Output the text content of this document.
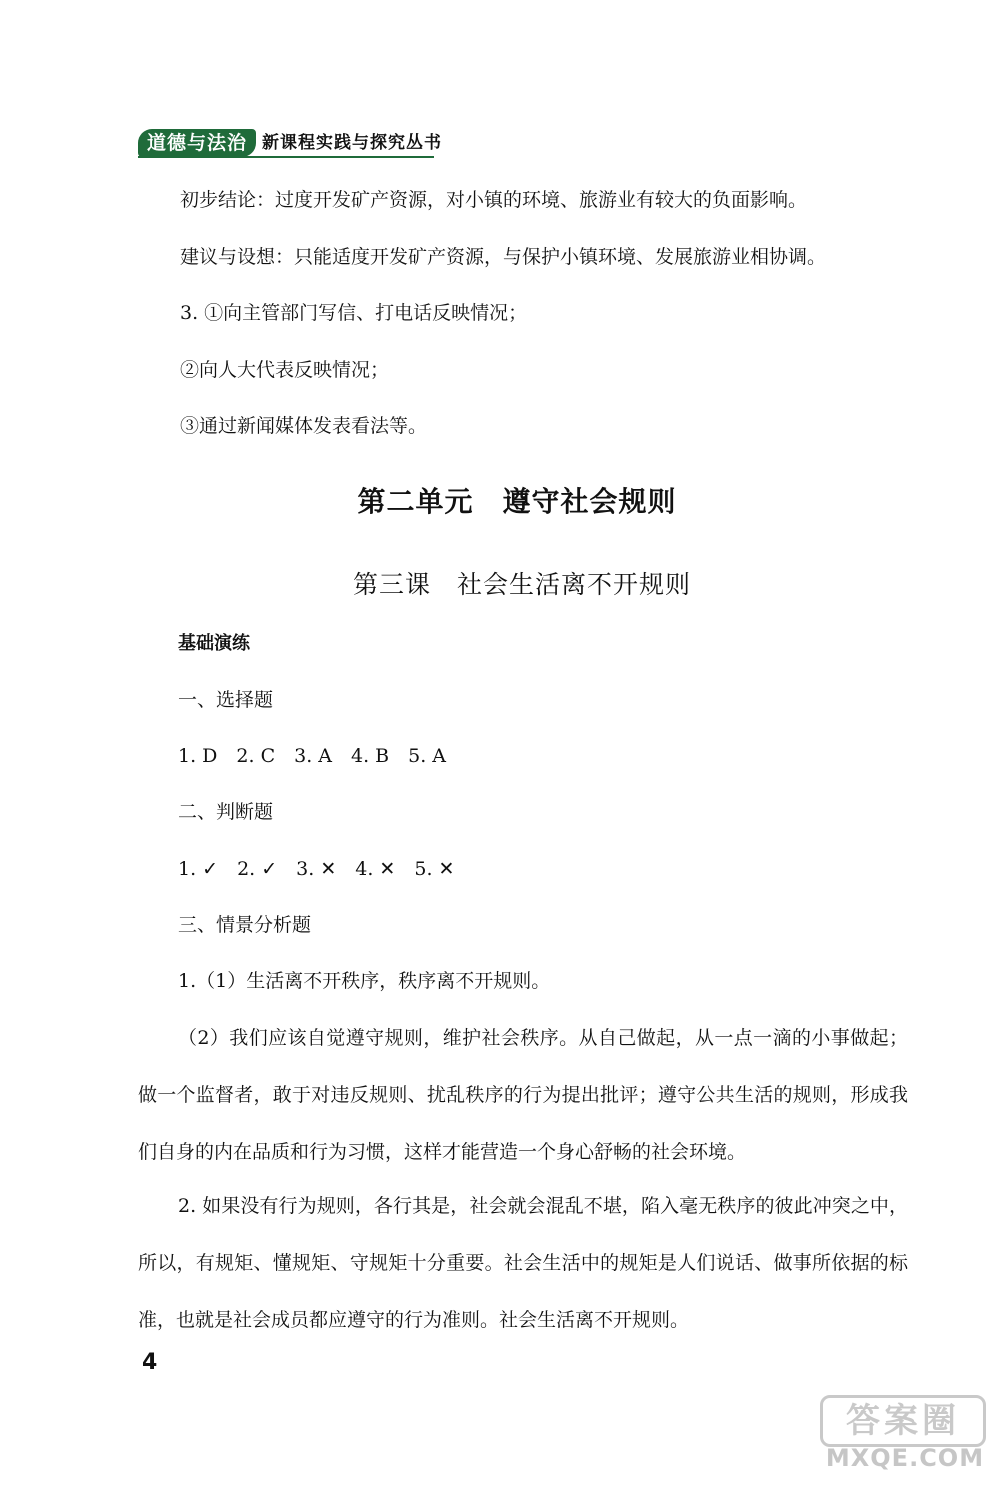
道德与法治 新课程实践与探究丛书
初步结论：过度开发矿产资源，对小镇的环境、旅游业有较大的负面影响。
建议与设想：只能适度开发矿产资源，与保护小镇环境、发展旅游业相协调。
3. ①向主管部门写信、打电话反映情况；
②向人大代表反映情况；
③通过新闻媒体发表看法等。
第二单元　遵守社会规则
第三课　社会生活离不开规则
基础演练
一、选择题
1. D　2. C　3. A　4. B　5. A
二、判断题
1. ✓　2. ✓　3. ✕　4. ✕　5. ✕
三、情景分析题
1.（1）生活离不开秩序，秩序离不开规则。
（2）我们应该自觉遵守规则，维护社会秩序。从自己做起，从一点一滴的小事做起；做一个监督者，敢于对违反规则、扰乱秩序的行为提出批评；遵守公共生活的规则，形成我们自身的内在品质和行为习惯，这样才能营造一个身心舒畅的社会环境。
2. 如果没有行为规则，各行其是，社会就会混乱不堪，陷入毫无秩序的彼此冲突之中，所以，有规矩、懂规矩、守规矩十分重要。社会生活中的规矩是人们说话、做事所依据的标准，也就是社会成员都应遵守的行为准则。社会生活离不开规则。
4
答案圈
MXQE.COM
